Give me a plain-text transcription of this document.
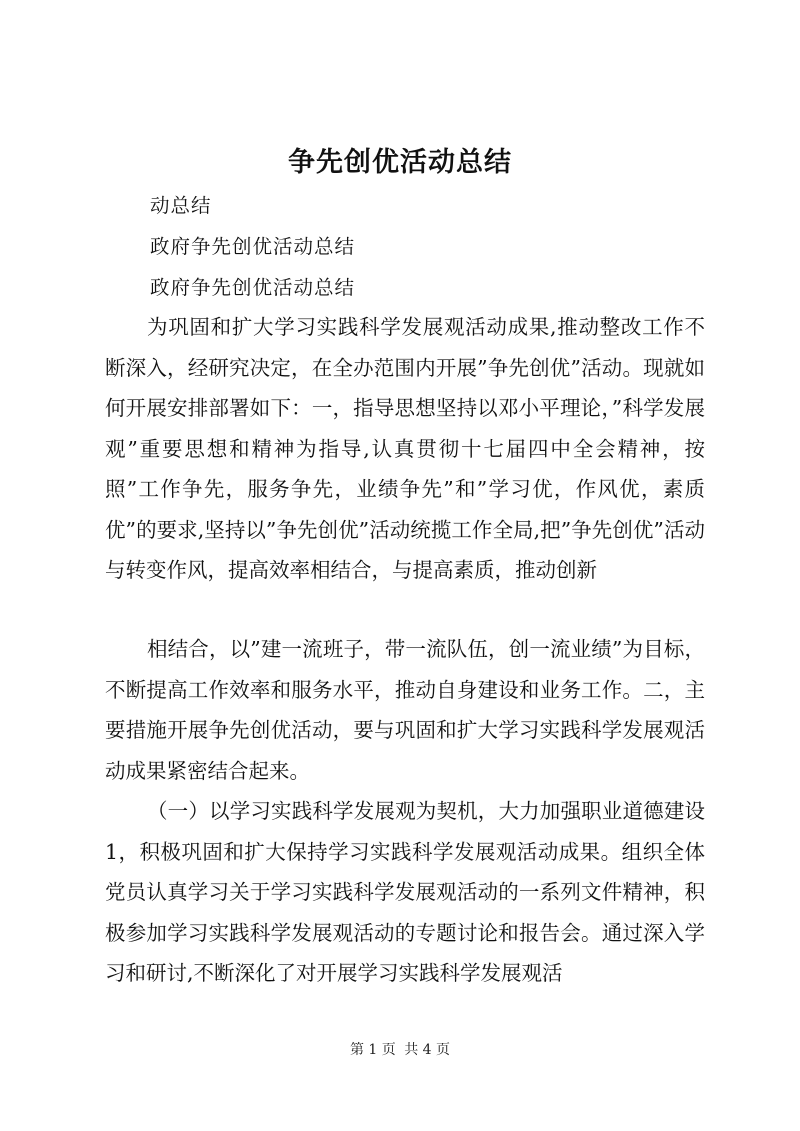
争先创优活动总结

动总结

政府争先创优活动总结

政府争先创优活动总结

为巩固和扩大学习实践科学发展观活动成果,推动整改工作不断深入，经研究决定，在全办范围内开展”争先创优”活动。现就如何开展安排部署如下：一，指导思想坚持以邓小平理论，”科学发展观”重要思想和精神为指导,认真贯彻十七届四中全会精神，按照”工作争先，服务争先，业绩争先”和”学习优，作风优，素质优”的要求,坚持以”争先创优”活动统揽工作全局,把”争先创优”活动与转变作风，提高效率相结合，与提高素质，推动创新

相结合，以”建一流班子，带一流队伍，创一流业绩”为目标，不断提高工作效率和服务水平，推动自身建设和业务工作。二，主要措施开展争先创优活动，要与巩固和扩大学习实践科学发展观活动成果紧密结合起来。

（一）以学习实践科学发展观为契机，大力加强职业道德建设 1，积极巩固和扩大保持学习实践科学发展观活动成果。组织全体党员认真学习关于学习实践科学发展观活动的一系列文件精神，积极参加学习实践科学发展观活动的专题讨论和报告会。通过深入学习和研讨,不断深化了对开展学习实践科学发展观活

第 1 页 共 4 页
